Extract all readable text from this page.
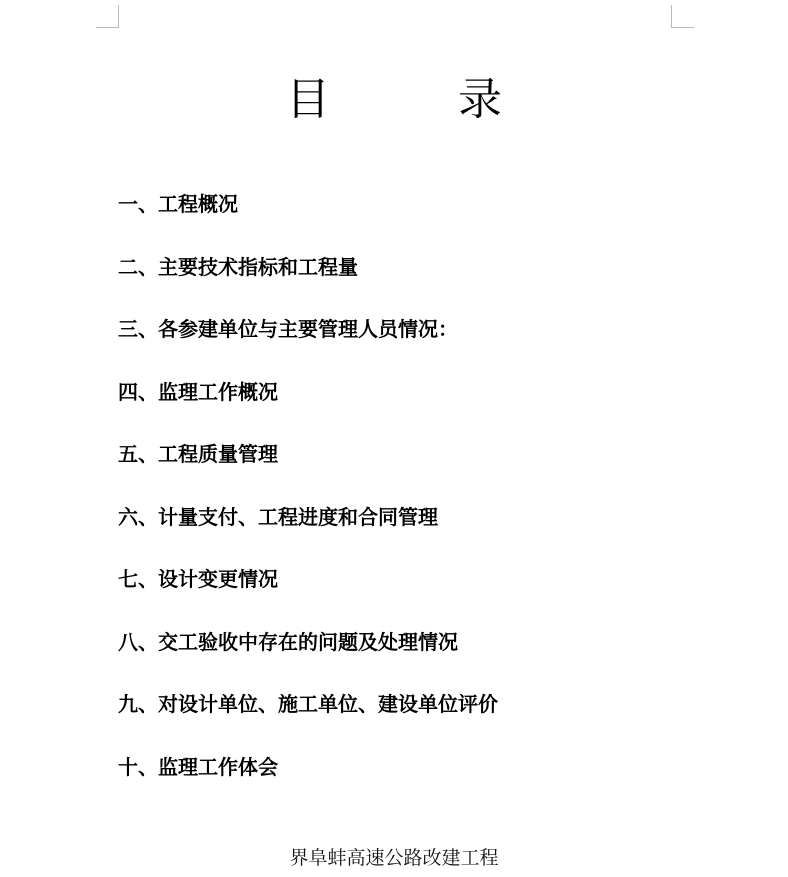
目　录
一、工程概况
二、主要技术指标和工程量
三、各参建单位与主要管理人员情况：
四、监理工作概况
五、工程质量管理
六、计量支付、工程进度和合同管理
七、设计变更情况
八、交工验收中存在的问题及处理情况
九、对设计单位、施工单位、建设单位评价
十、监理工作体会
界阜蚌高速公路改建工程
